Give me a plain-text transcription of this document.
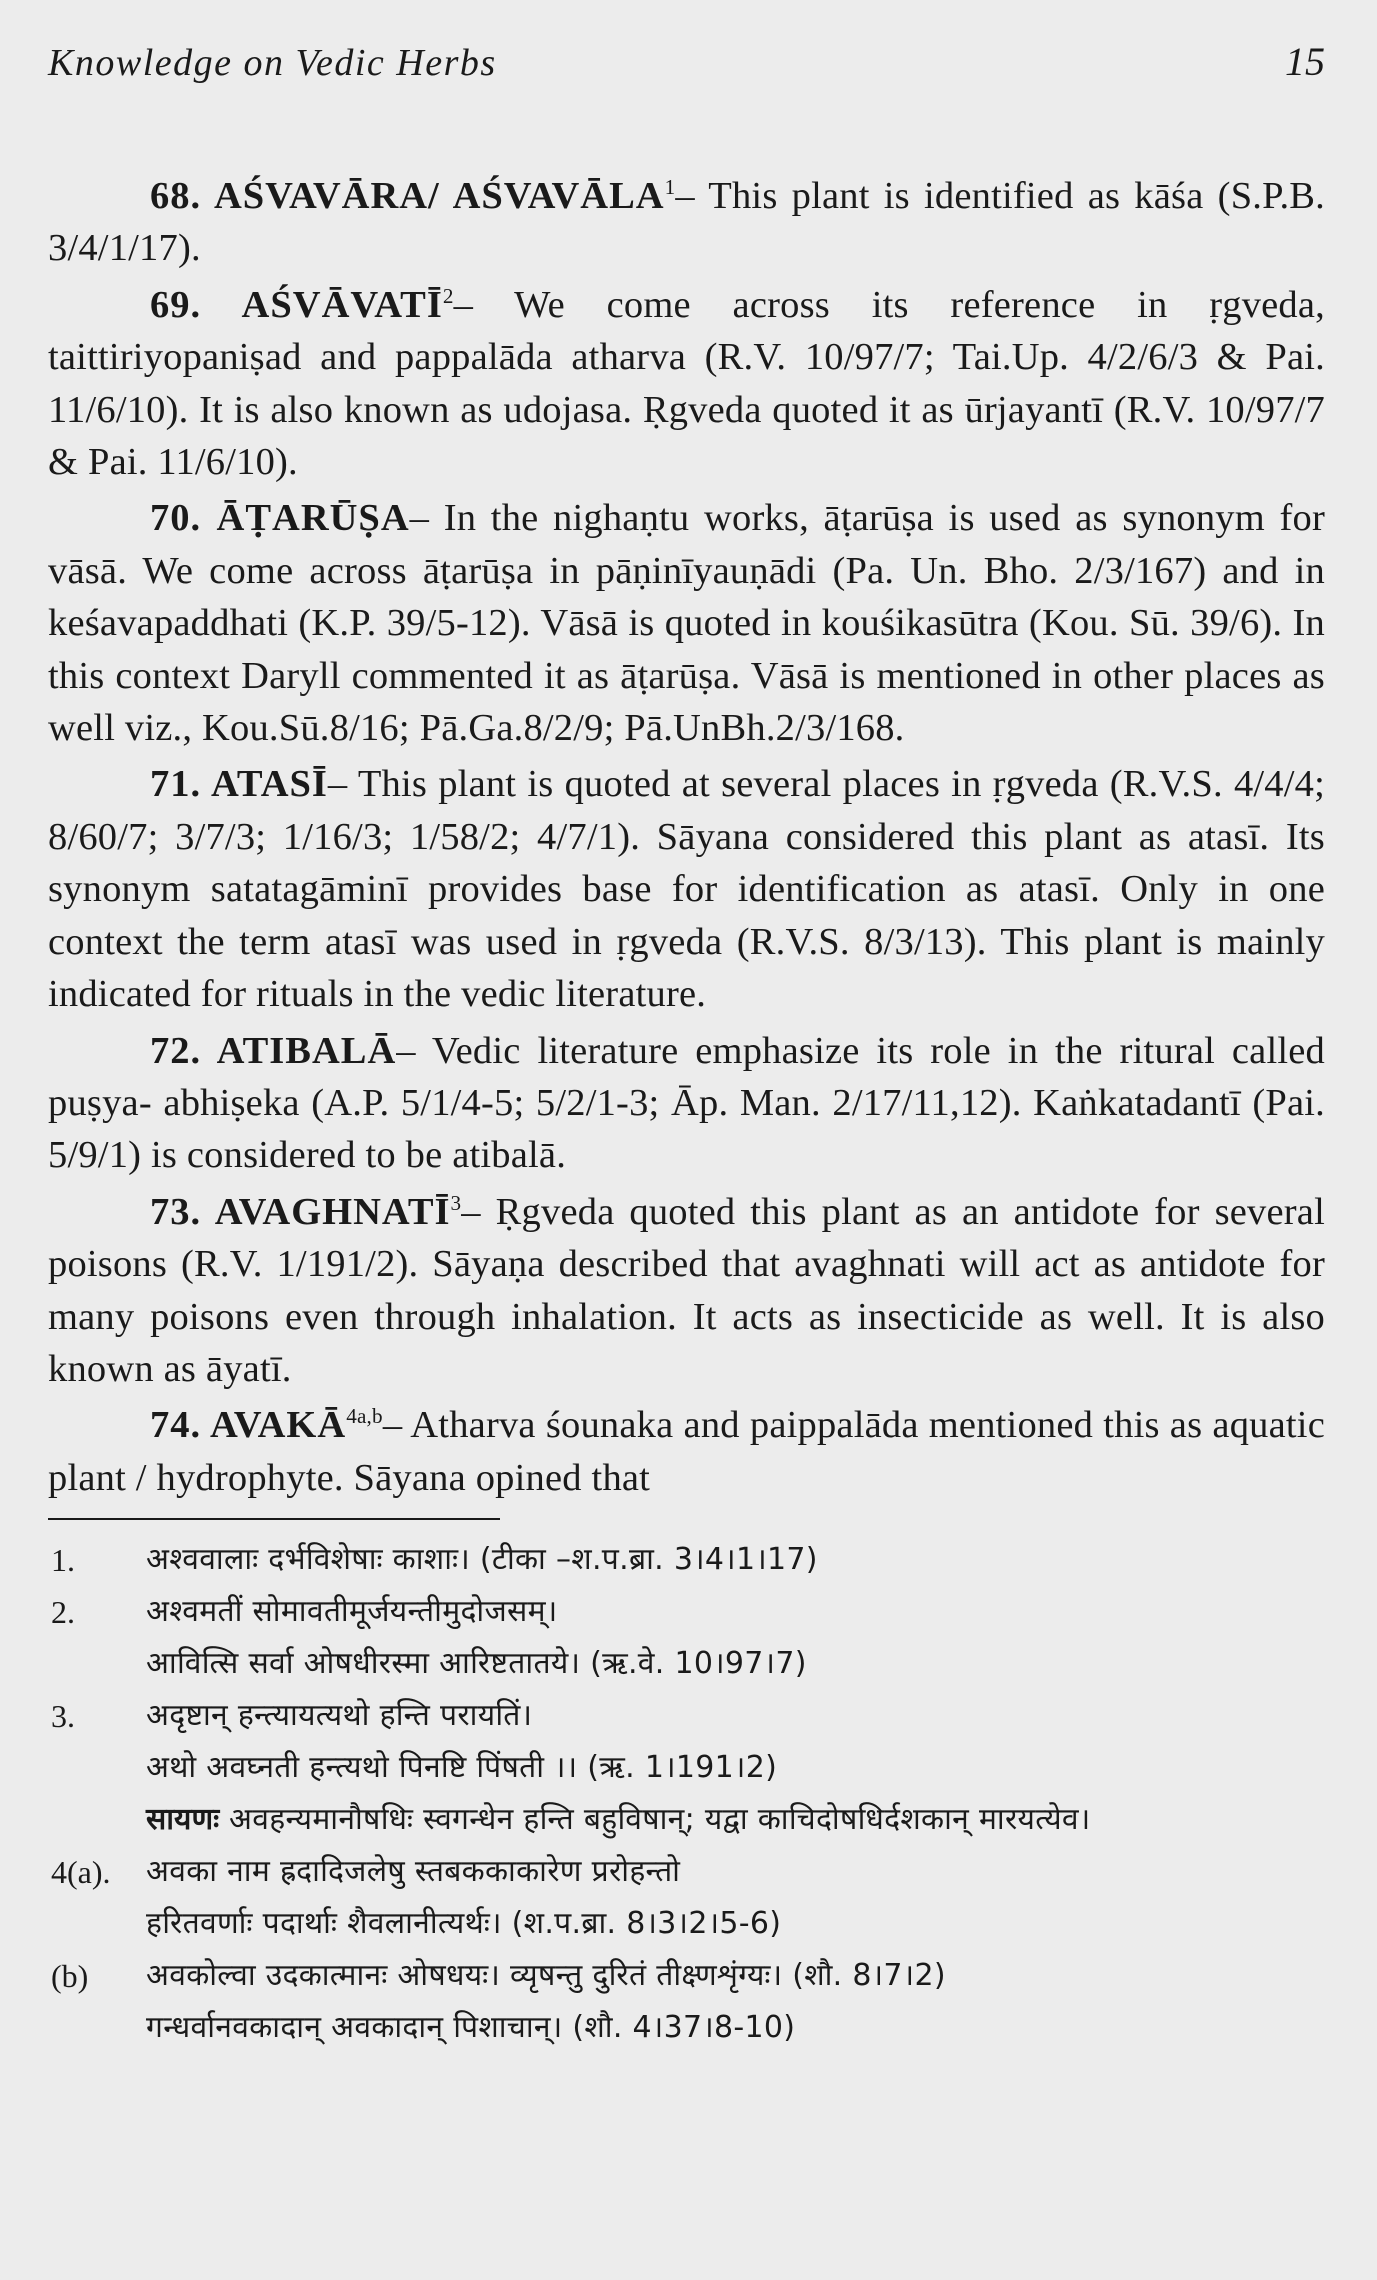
Knowledge on Vedic Herbs	15

68. AŚVAVĀRA/ AŚVAVĀLA$^1$– This plant is identified as kāśa (S.P.B. 3/4/1/17).

69. AŚVĀVATĪ$^2$– We come across its reference in ṛgveda, taittiriyopaniṣad and pappalāda atharva (R.V. 10/97/7; Tai.Up. 4/2/6/3 & Pai. 11/6/10). It is also known as udojasa. Ṛgveda quoted it as ūrjayantī (R.V. 10/97/7 & Pai. 11/6/10).

70. ĀṬARŪṢA– In the nighaṇtu works, āṭarūṣa is used as synonym for vāsā. We come across āṭarūṣa in pāṇinīyauṇādi (Pa. Un. Bho. 2/3/167) and in keśavapaddhati (K.P. 39/5-12). Vāsā is quoted in kouśikasūtra (Kou. Sū. 39/6). In this context Daryll commented it as āṭarūṣa. Vāsā is mentioned in other places as well viz., Kou.Sū.8/16; Pā.Ga.8/2/9; Pā.UnBh.2/3/168.

71. ATASĪ– This plant is quoted at several places in ṛgveda (R.V.S. 4/4/4; 8/60/7; 3/7/3; 1/16/3; 1/58/2; 4/7/1). Sāyana considered this plant as atasī. Its synonym satatagāminī provides base for identification as atasī. Only in one context the term atasī was used in ṛgveda (R.V.S. 8/3/13). This plant is mainly indicated for rituals in the vedic literature.

72. ATIBALĀ– Vedic literature emphasize its role in the ritural called puṣya- abhiṣeka (A.P. 5/1/4-5; 5/2/1-3; Āp. Man. 2/17/11,12). Kaṅkatadantī (Pai. 5/9/1) is considered to be atibalā.

73. AVAGHNATĪ$^3$– Ṛgveda quoted this plant as an antidote for several poisons (R.V. 1/191/2). Sāyaṇa described that avaghnati will act as antidote for many poisons even through inhalation. It acts as insecticide as well. It is also known as āyatī.

74. $AVAKĀ^{4a,b}-$ Atharva śounaka and paippalāda mentioned this as aquatic plant / hydrophyte. Sāyana opined that

1.	अश्ववालाः दर्भविशेषाः काशाः। (टीका –श.प.ब्रा. 3।4।1।17)
2.	अश्वमतीं सोमावतीमूर्जयन्तीमुदोजसम्।
आवित्सि सर्वा ओषधीरस्मा आरिष्टतातये। (ऋ.वे. 10।97।7)
3.	अदृष्टान् हन्त्यायत्यथो हन्ति परायतिं।
अथो अवघ्नती हन्त्यथो पिनष्टि पिंषती ।। (ऋ. 1।191।2)
सायणः अवहन्यमानौषधिः स्वगन्धेन हन्ति बहुविषान्; यद्वा काचिदोषधिर्दशकान् मारयत्येव।
4(a).	अवका नाम ह्रदादिजलेषु स्तबककाकारेण प्ररोहन्तो
हरितवर्णाः पदार्थाः शैवलानीत्यर्थः। (श.प.ब्रा. 8।3।2।5-6)
(b)	अवकोल्वा उदकात्मानः ओषधयः। व्यृषन्तु दुरितं तीक्ष्णशृंग्यः। (शौ. 8।7।2)
गन्धर्वानवकादान् अवकादान् पिशाचान्। (शौ. 4।37।8-10)
